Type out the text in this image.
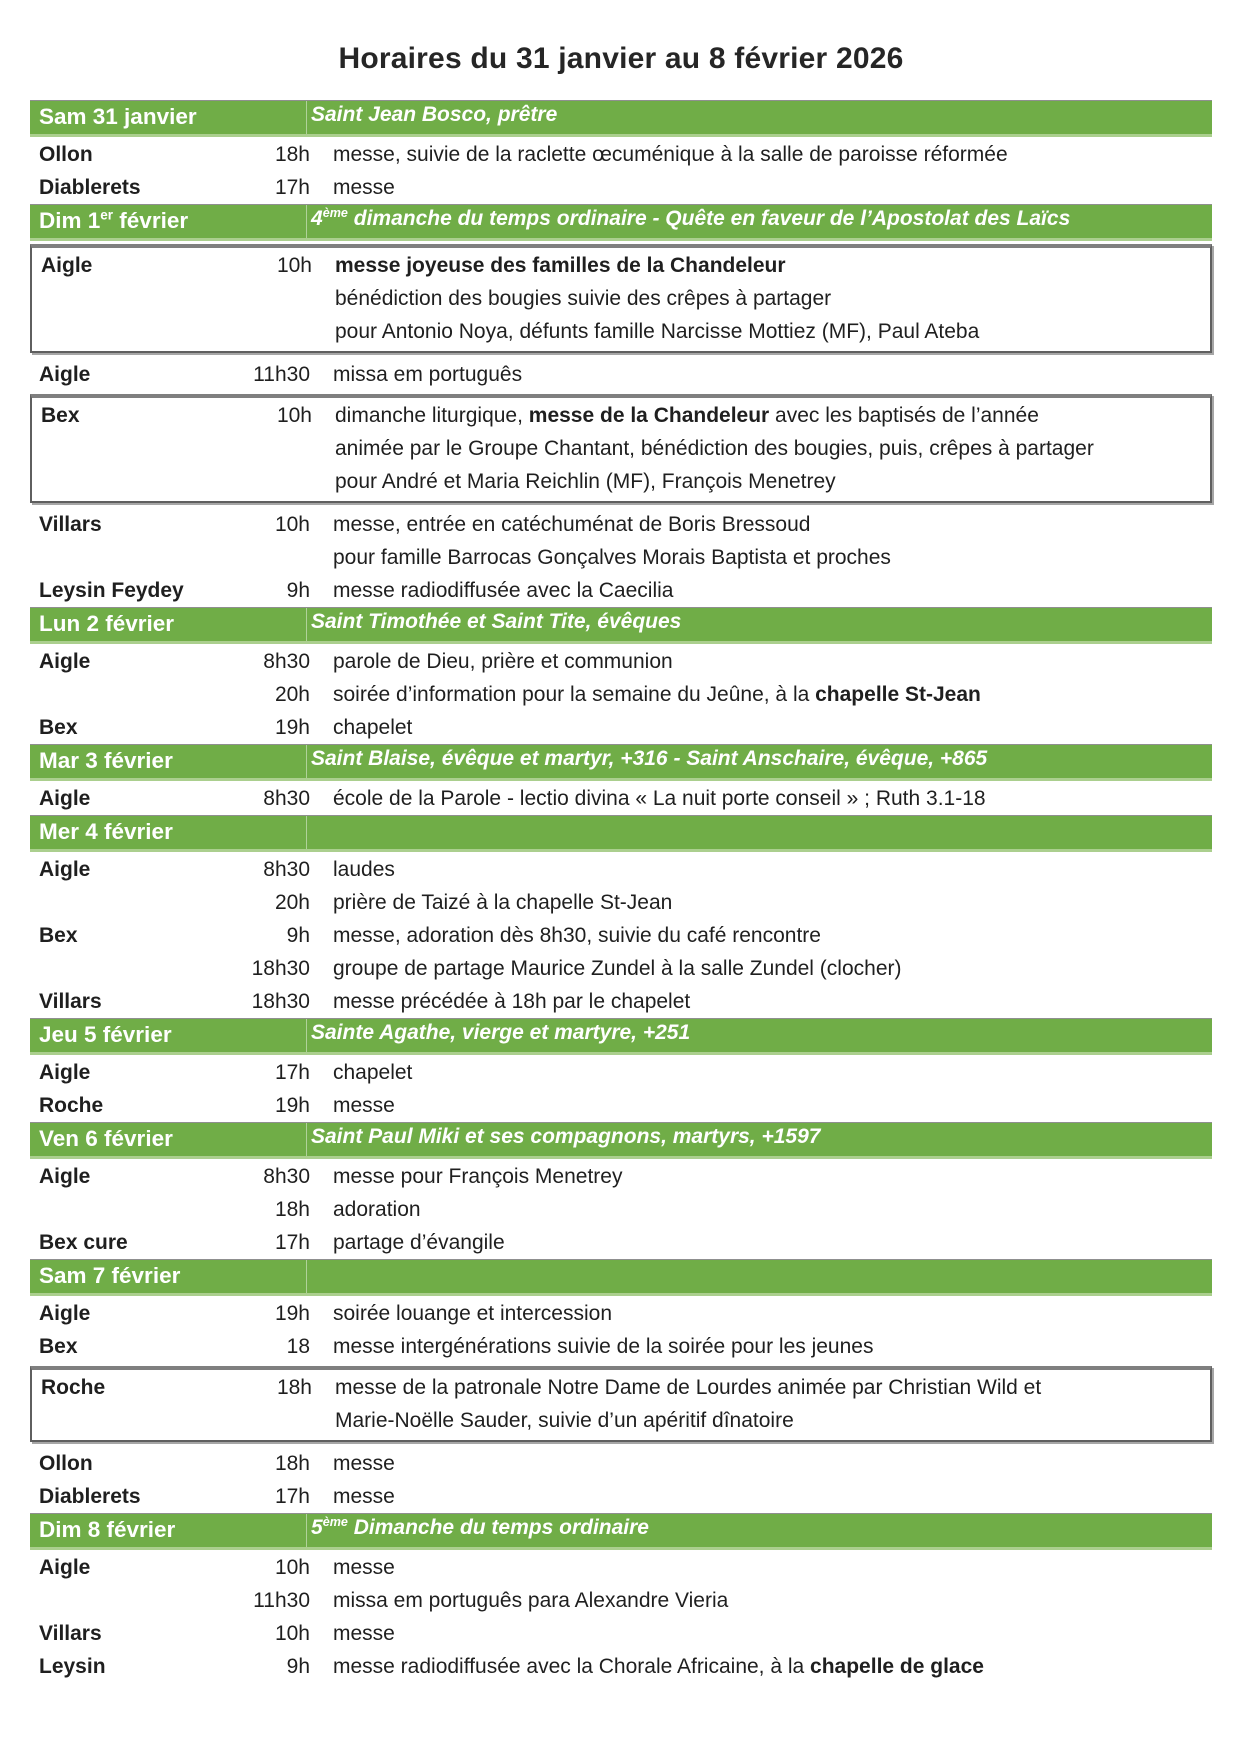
Horaires du 31 janvier au 8 février 2026
Sam 31 janvier	Saint Jean Bosco, prêtre
Ollon	18h	messe, suivie de la raclette œcuménique à la salle de paroisse réformée
Diablerets	17h	messe
Dim 1er février	4ème dimanche du temps ordinaire - Quête en faveur de l’Apostolat des Laïcs
Aigle	10h	messe joyeuse des familles de la Chandeleur
bénédiction des bougies suivie des crêpes à partager
pour Antonio Noya, défunts famille Narcisse Mottiez (MF), Paul Ateba
Aigle	11h30	missa em português
Bex	10h	dimanche liturgique, messe de la Chandeleur avec les baptisés de l’année
animée par le Groupe Chantant, bénédiction des bougies, puis, crêpes à partager
pour André et Maria Reichlin (MF), François Menetrey
Villars	10h	messe, entrée en catéchuménat de Boris Bressoud
pour famille Barrocas Gonçalves Morais Baptista et proches
Leysin Feydey	9h	messe radiodiffusée avec la Caecilia
Lun 2 février	Saint Timothée et Saint Tite, évêques
Aigle	8h30	parole de Dieu, prière et communion
20h	soirée d’information pour la semaine du Jeûne, à la chapelle St-Jean
Bex	19h	chapelet
Mar 3 février	Saint Blaise, évêque et martyr, +316 - Saint Anschaire, évêque, +865
Aigle	8h30	école de la Parole - lectio divina « La nuit porte conseil » ; Ruth 3.1-18
Mer 4 février
Aigle	8h30	laudes
20h	prière de Taizé à la chapelle St-Jean
Bex	9h	messe, adoration dès 8h30, suivie du café rencontre
18h30	groupe de partage Maurice Zundel à la salle Zundel (clocher)
Villars	18h30	messe précédée à 18h par le chapelet
Jeu 5 février	Sainte Agathe, vierge et martyre, +251
Aigle	17h	chapelet
Roche	19h	messe
Ven 6 février	Saint Paul Miki et ses compagnons, martyrs, +1597
Aigle	8h30	messe pour François Menetrey
18h	adoration
Bex cure	17h	partage d’évangile
Sam 7 février
Aigle	19h	soirée louange et intercession
Bex	18	messe intergénérations suivie de la soirée pour les jeunes
Roche	18h	messe de la patronale Notre Dame de Lourdes animée par Christian Wild et
Marie-Noëlle Sauder, suivie d’un apéritif dînatoire
Ollon	18h	messe
Diablerets	17h	messe
Dim 8 février	5ème Dimanche du temps ordinaire
Aigle	10h	messe
11h30	missa em português para Alexandre Vieria
Villars	10h	messe
Leysin	9h	messe radiodiffusée avec la Chorale Africaine, à la chapelle de glace
